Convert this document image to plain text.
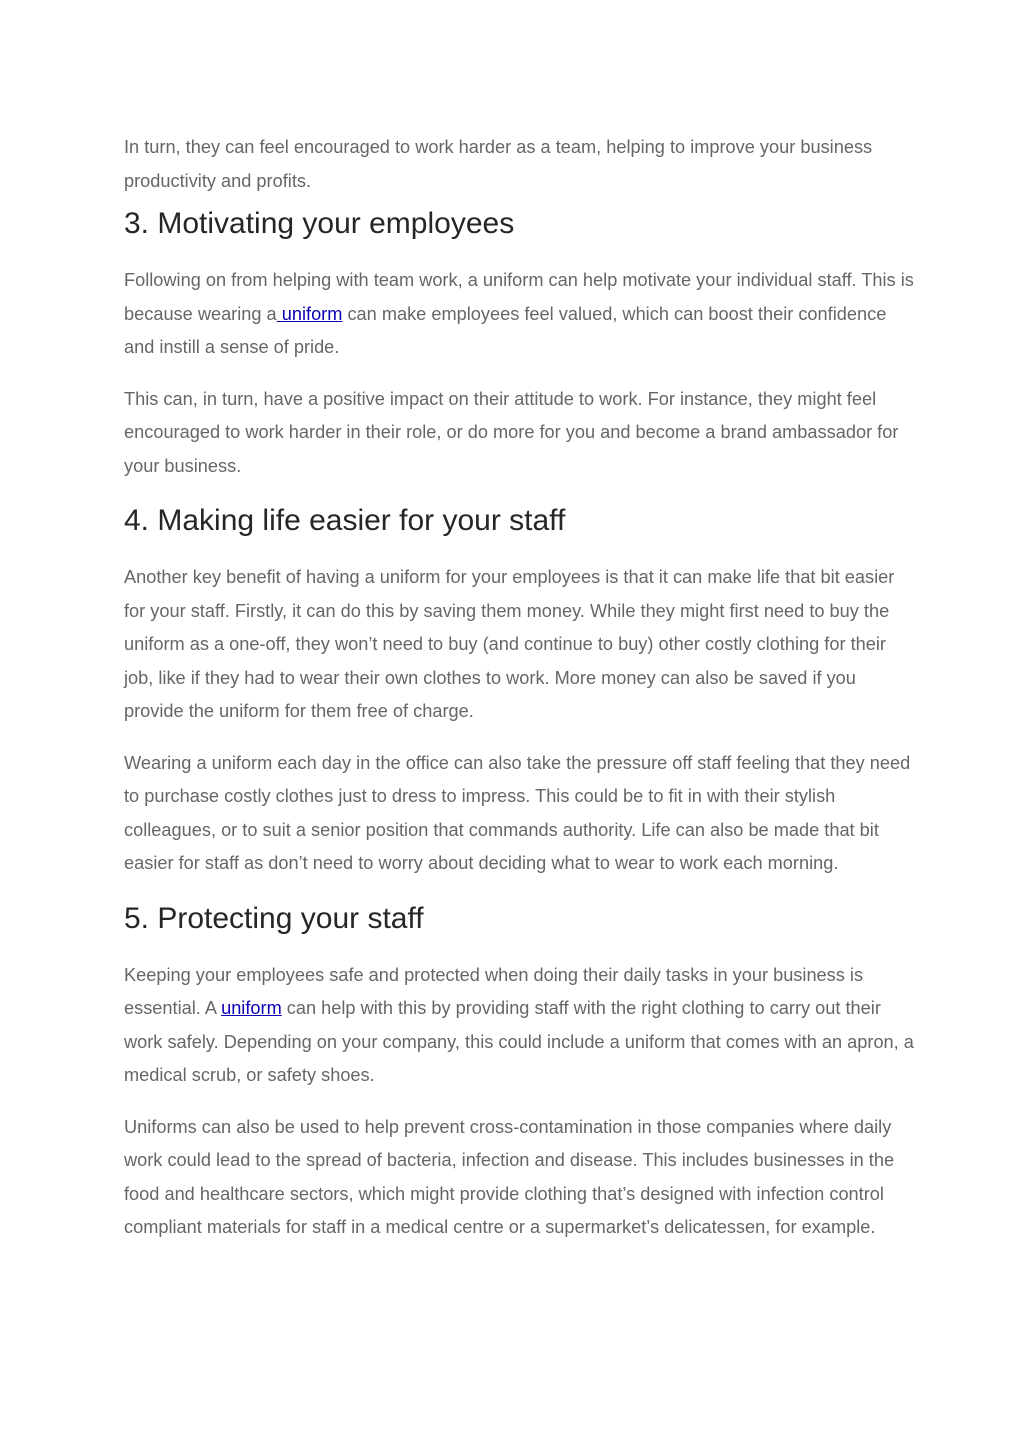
In turn, they can feel encouraged to work harder as a team, helping to improve your business productivity and profits.

3. Motivating your employees

Following on from helping with team work, a uniform can help motivate your individual staff. This is because wearing a uniform can make employees feel valued, which can boost their confidence and instill a sense of pride.

This can, in turn, have a positive impact on their attitude to work. For instance, they might feel encouraged to work harder in their role, or do more for you and become a brand ambassador for your business.

4. Making life easier for your staff

Another key benefit of having a uniform for your employees is that it can make life that bit easier for your staff. Firstly, it can do this by saving them money. While they might first need to buy the uniform as a one-off, they won’t need to buy (and continue to buy) other costly clothing for their job, like if they had to wear their own clothes to work. More money can also be saved if you provide the uniform for them free of charge.

Wearing a uniform each day in the office can also take the pressure off staff feeling that they need to purchase costly clothes just to dress to impress. This could be to fit in with their stylish colleagues, or to suit a senior position that commands authority. Life can also be made that bit easier for staff as don’t need to worry about deciding what to wear to work each morning.

5. Protecting your staff

Keeping your employees safe and protected when doing their daily tasks in your business is essential. A uniform can help with this by providing staff with the right clothing to carry out their work safely. Depending on your company, this could include a uniform that comes with an apron, a medical scrub, or safety shoes.

Uniforms can also be used to help prevent cross-contamination in those companies where daily work could lead to the spread of bacteria, infection and disease. This includes businesses in the food and healthcare sectors, which might provide clothing that’s designed with infection control compliant materials for staff in a medical centre or a supermarket’s delicatessen, for example.
